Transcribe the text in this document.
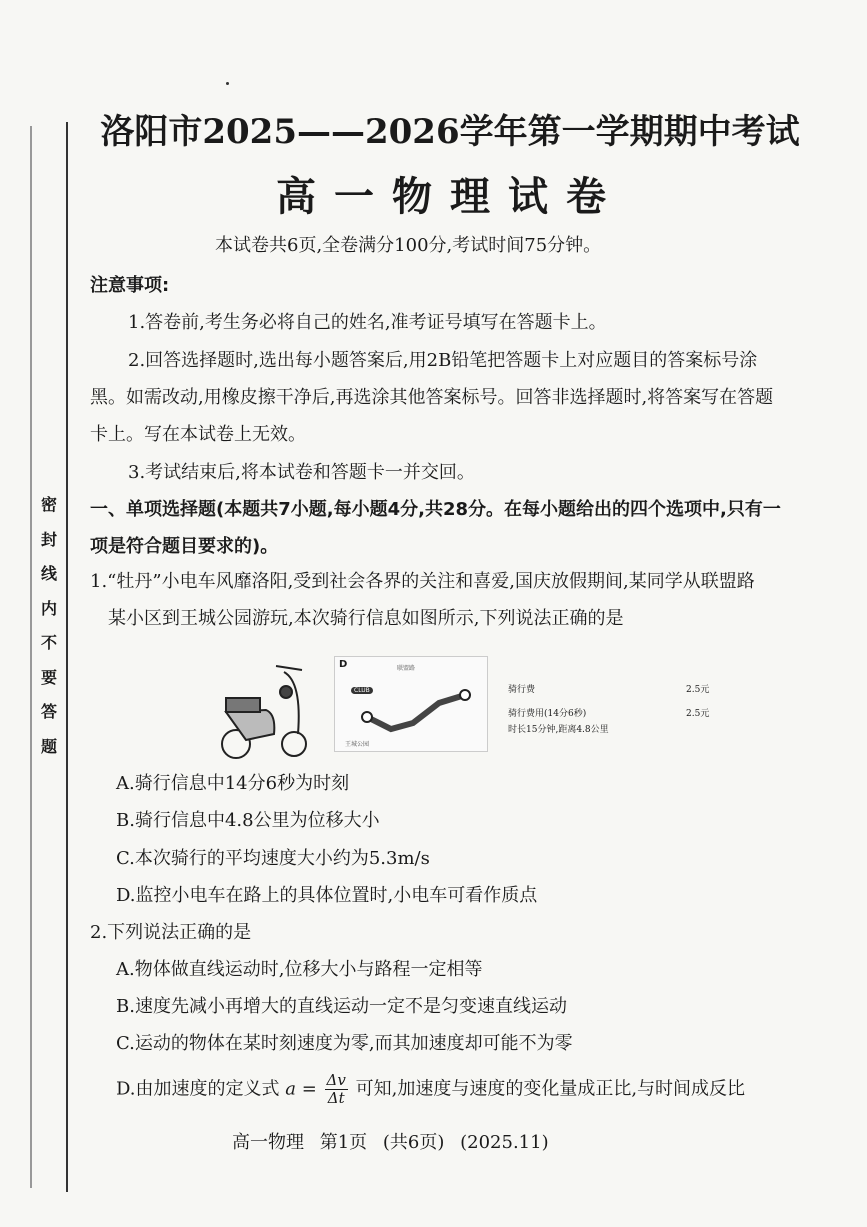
密
封
线
内
不
要
答
题
洛阳市2025——2026学年第一学期期中考试
高一物理试卷
本试卷共6页,全卷满分100分,考试时间75分钟。
注意事项:
1.答卷前,考生务必将自己的姓名,准考证号填写在答题卡上。
2.回答选择题时,选出每小题答案后,用2B铅笔把答题卡上对应题目的答案标号涂
黑。如需改动,用橡皮擦干净后,再选涂其他答案标号。回答非选择题时,将答案写在答题
卡上。写在本试卷上无效。
3.考试结束后,将本试卷和答题卡一并交回。
一、单项选择题(本题共7小题,每小题4分,共28分。在每小题给出的四个选项中,只有一
项是符合题目要求的)。
1.“牡丹”小电车风靡洛阳,受到社会各界的关注和喜爱,国庆放假期间,某同学从联盟路
某小区到王城公园游玩,本次骑行信息如图所示,下列说法正确的是
D	联盟路
CLUB
王城公园
骑行费	2.5元
骑行费用(14分6秒)	2.5元
时长15分钟,距离4.8公里
A.骑行信息中14分6秒为时刻
B.骑行信息中4.8公里为位移大小
C.本次骑行的平均速度大小约为5.3m/s
D.监控小电车在路上的具体位置时,小电车可看作质点
2.下列说法正确的是
A.物体做直线运动时,位移大小与路程一定相等
B.速度先减小再增大的直线运动一定不是匀变速直线运动
C.运动的物体在某时刻速度为零,而其加速度却可能不为零
D.由加速度的定义式 $a = \frac{\Delta v}{\Delta t}$ 可知,加速度与速度的变化量成正比,与时间成反比
高一物理 第1页 (共6页) (2025.11)
